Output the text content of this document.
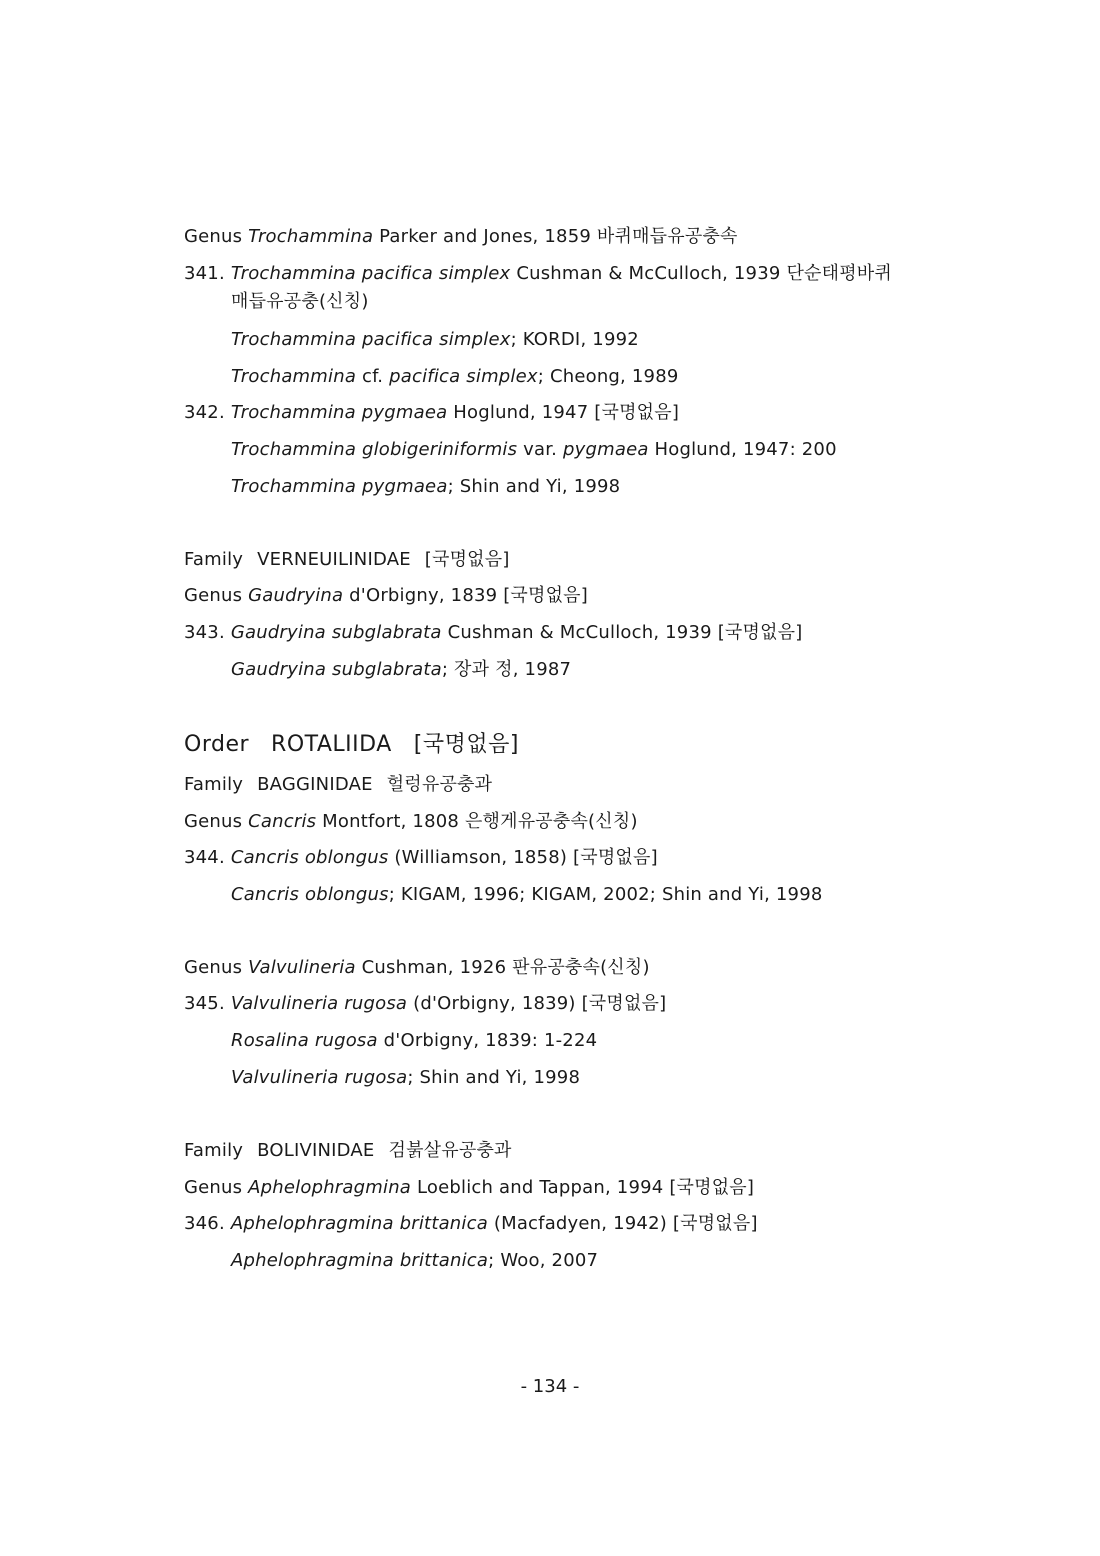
Genus Trochammina Parker and Jones, 1859 바퀴매듭유공충속
341. Trochammina pacifica simplex Cushman & McCulloch, 1939 단순태평바퀴
매듭유공충(신칭)
Trochammina pacifica simplex; KORDI, 1992
Trochammina cf. pacifica simplex; Cheong, 1989
342. Trochammina pygmaea Hoglund, 1947 [국명없음]
Trochammina globigeriniformis var. pygmaea Hoglund, 1947: 200
Trochammina pygmaea; Shin and Yi, 1998
Family VERNEUILINIDAE [국명없음]
Genus Gaudryina d'Orbigny, 1839 [국명없음]
343. Gaudryina subglabrata Cushman & McCulloch, 1939 [국명없음]
Gaudryina subglabrata; 장과 정, 1987
Order ROTALIIDA [국명없음]
Family BAGGINIDAE 헐렁유공충과
Genus Cancris Montfort, 1808 은행게유공충속(신칭)
344. Cancris oblongus (Williamson, 1858) [국명없음]
Cancris oblongus; KIGAM, 1996; KIGAM, 2002; Shin and Yi, 1998
Genus Valvulineria Cushman, 1926 판유공충속(신칭)
345. Valvulineria rugosa (d'Orbigny, 1839) [국명없음]
Rosalina rugosa d'Orbigny, 1839: 1-224
Valvulineria rugosa; Shin and Yi, 1998
Family BOLIVINIDAE 검붉살유공충과
Genus Aphelophragmina Loeblich and Tappan, 1994 [국명없음]
346. Aphelophragmina brittanica (Macfadyen, 1942) [국명없음]
Aphelophragmina brittanica; Woo, 2007
- 134 -
